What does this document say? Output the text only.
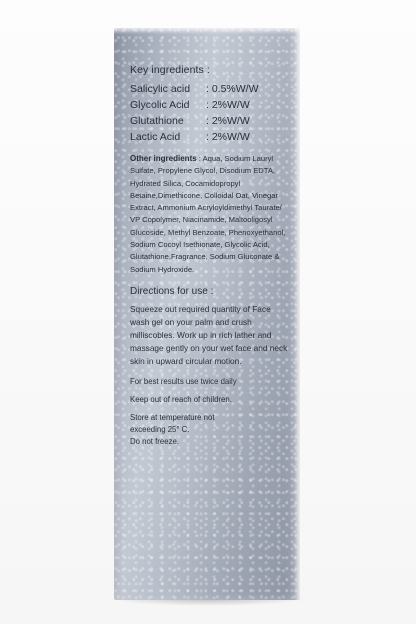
Key ingredients :
Salicylic acid	: 0.5%W/W
Glycolic Acid	: 2%W/W
Glutathione	: 2%W/W
Lactic Acid	: 2%W/W
Other ingredients : Aqua, Sodium Lauryl Sulfate, Propylene Glycol, Disodium EDTA, Hydrated Silica, Cocamidopropyl Betaine,Dimethicone, Colloidal Oat, Vinegar Extract, Ammonium Acryloyldimethyl Taurate/ VP Copolymer, Niacinamide, Maltooligosyl Glucoside, Methyl Benzoate, Phenoxyethanol, Sodium Cocoyl Isethionate, Glycolic Acid, Glutathione,Fragrance, Sodium Gluconate & Sodium Hydroxide.
Directions for use :
Squeeze out required quantity of Face wash gel on your palm and crush milliscobles. Work up in rich lather and massage gently on your wet face and neck skin in upward circular motion.
For best results use twice daily
Keep out of reach of children.
Store at temperature not
exceeding 25° C.
Do not freeze.
